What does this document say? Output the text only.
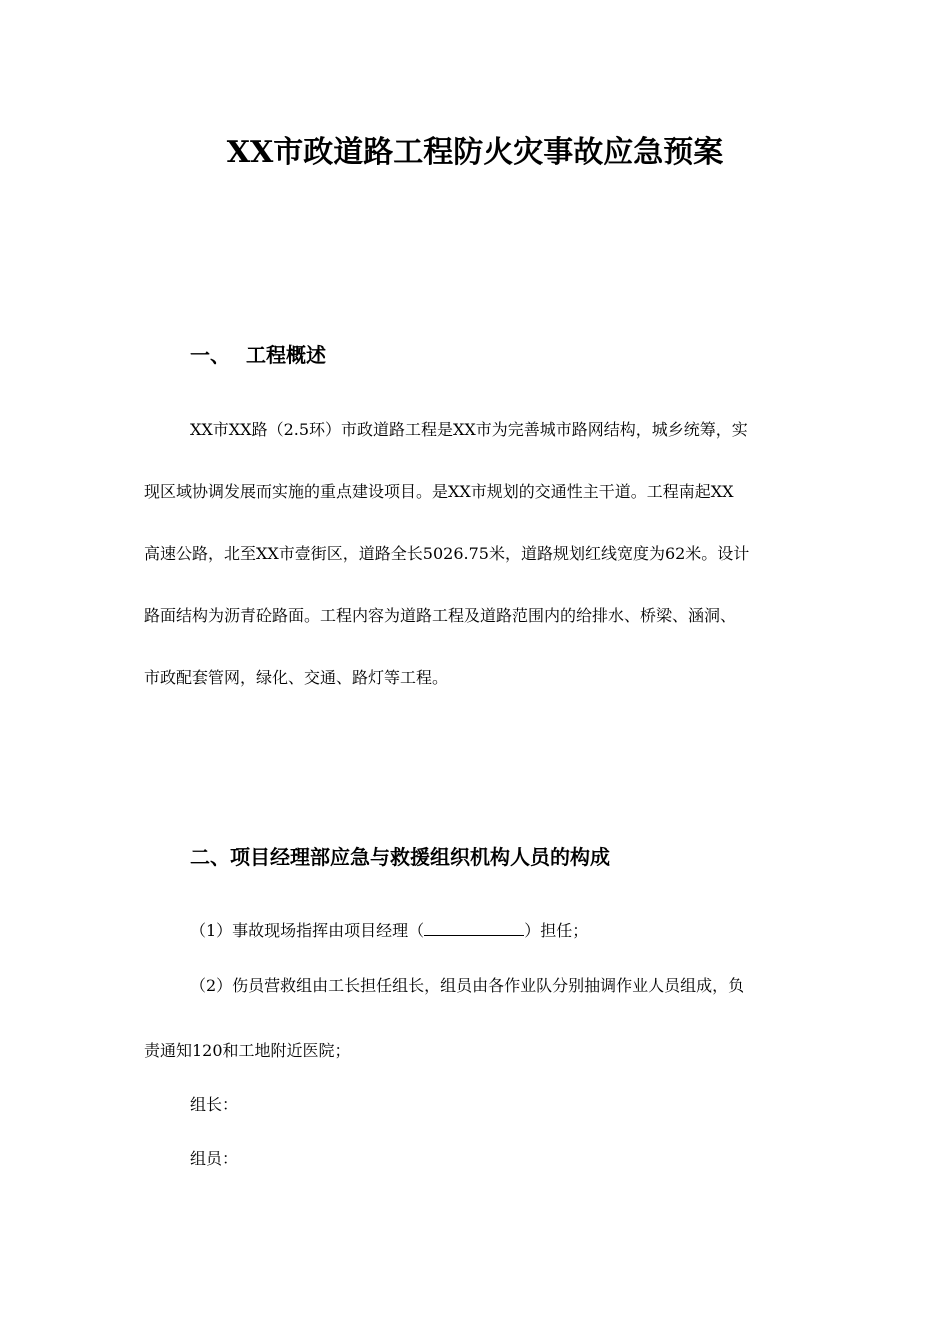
XX市政道路工程防火灾事故应急预案
一、 工程概述
XX市XX路（2.5环）市政道路工程是XX市为完善城市路网结构，城乡统筹，实
现区域协调发展而实施的重点建设项目。是XX市规划的交通性主干道。工程南起XX
高速公路，北至XX市壹街区，道路全长5026.75米，道路规划红线宽度为62米。设计
路面结构为沥青砼路面。工程内容为道路工程及道路范围内的给排水、桥梁、涵洞、
市政配套管网，绿化、交通、路灯等工程。
二、项目经理部应急与救援组织机构人员的构成
（1）事故现场指挥由项目经理（	）担任；
（2）伤员营救组由工长担任组长，组员由各作业队分别抽调作业人员组成，负
责通知120和工地附近医院；
组长：
组员：
